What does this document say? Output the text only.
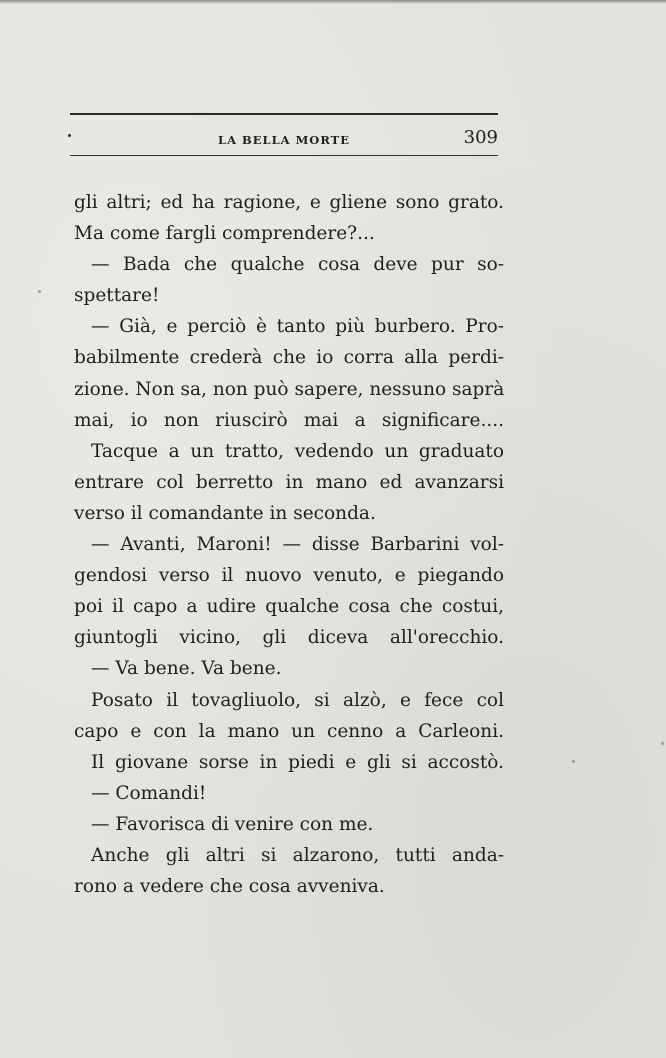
LA BELLA MORTE	309
gli altri; ed ha ragione, e gliene sono grato.
Ma come fargli comprendere?...
— Bada che qualche cosa deve pur so-
spettare!
— Già, e perciò è tanto più burbero. Pro-
babilmente crederà che io corra alla perdi-
zione. Non sa, non può sapere, nessuno saprà
mai, io non riuscirò mai a significare....
Tacque a un tratto, vedendo un graduato
entrare col berretto in mano ed avanzarsi
verso il comandante in seconda.
— Avanti, Maroni! — disse Barbarini vol-
gendosi verso il nuovo venuto, e piegando
poi il capo a udire qualche cosa che costui,
giuntogli vicino, gli diceva all'orecchio.
— Va bene. Va bene.
Posato il tovagliuolo, si alzò, e fece col
capo e con la mano un cenno a Carleoni.
Il giovane sorse in piedi e gli si accostò.
— Comandi!
— Favorisca di venire con me.
Anche gli altri si alzarono, tutti anda-
rono a vedere che cosa avveniva.
